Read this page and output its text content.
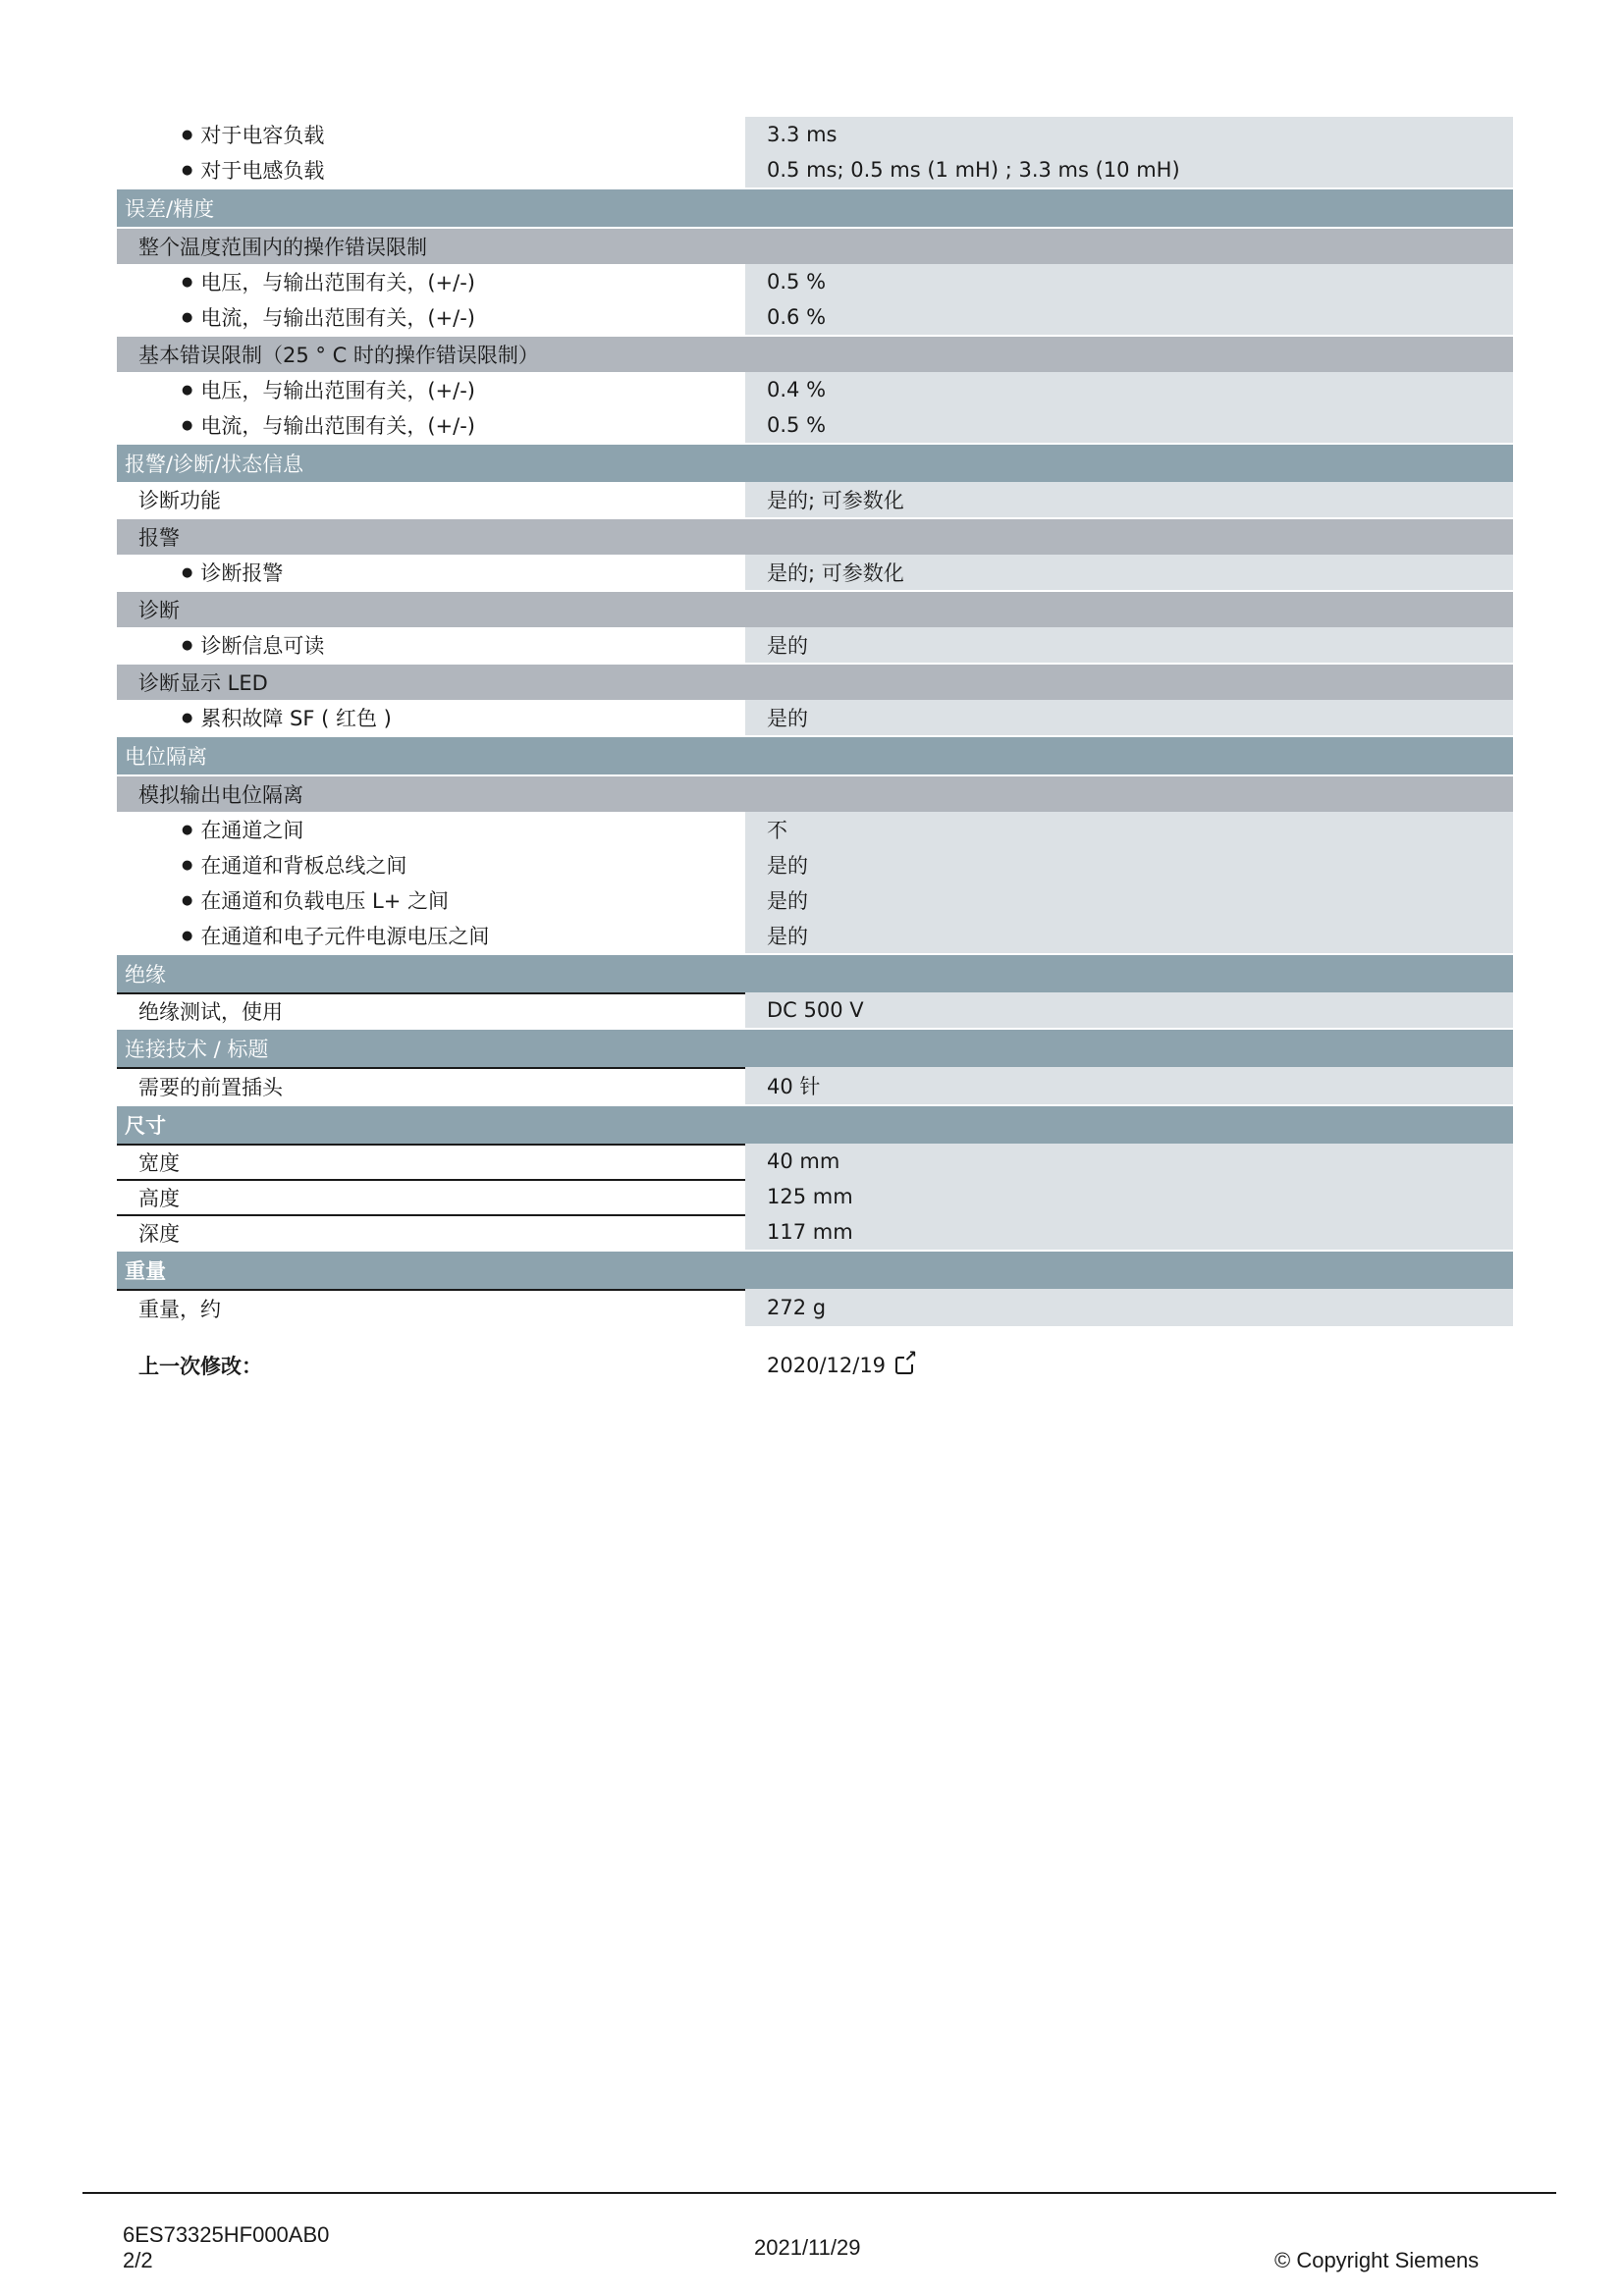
● 对于电容负载	3.3 ms
● 对于电感负载	0.5 ms; 0.5 ms (1 mH) ; 3.3 ms (10 mH)
误差/精度
整个温度范围内的操作错误限制
● 电压，与输出范围有关，(+/-)	0.5 %
● 电流，与输出范围有关，(+/-)	0.6 %
基本错误限制（25 ° C 时的操作错误限制）
● 电压，与输出范围有关，(+/-)	0.4 %
● 电流，与输出范围有关，(+/-)	0.5 %
报警/诊断/状态信息
诊断功能	是的; 可参数化
报警
● 诊断报警	是的; 可参数化
诊断
● 诊断信息可读	是的
诊断显示 LED
● 累积故障 SF ( 红色 )	是的
电位隔离
模拟输出电位隔离
● 在通道之间	不
● 在通道和背板总线之间	是的
● 在通道和负载电压 L+ 之间	是的
● 在通道和电子元件电源电压之间	是的
绝缘
绝缘测试，使用	DC 500 V
连接技术 / 标题
需要的前置插头	40 针
尺寸
宽度	40 mm
高度	125 mm
深度	117 mm
重量
重量，约	272 g
上一次修改：	2020/12/19
↗
6ES73325HF000AB0
2/2
2021/11/29
© Copyright Siemens
